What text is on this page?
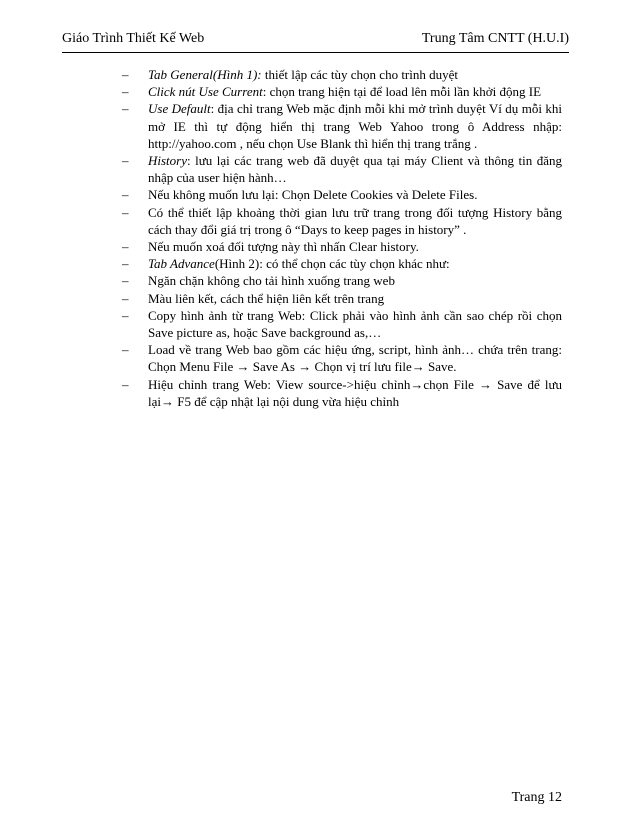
Giáo Trình Thiết Kế Web	Trung Tâm CNTT (H.U.I)
– Tab General(Hình 1): thiết lập các tùy chọn cho trình duyệt
– Click nút Use Current: chọn trang hiện tại để load lên mỗi lần khởi động IE
– Use Default: địa chỉ trang Web mặc định mỗi khi mở trình duyệt Ví dụ mỗi khi mở IE thì tự động hiển thị trang Web Yahoo trong ô Address nhập: http://yahoo.com , nếu chọn Use Blank thì hiển thị trang trắng .
– History: lưu lại các trang web đã duyệt qua tại máy Client và thông tin đăng nhập của user hiện hành…
– Nếu không muốn lưu lại: Chọn Delete Cookies và Delete Files.
– Có thể thiết lập khoảng thời gian lưu trữ trang trong đối tượng History bằng cách thay đổi giá trị trong ô “Days to keep pages in history” .
– Nếu muốn xoá đối tượng này thì nhấn Clear history.
– Tab Advance(Hình 2): có thể chọn các tùy chọn khác như:
– Ngăn chặn không cho tải hình xuống trang web
– Màu liên kết, cách thể hiện liên kết trên trang
– Copy hình ảnh từ trang Web: Click phải vào hình ảnh cần sao chép rồi chọn Save picture as, hoặc Save background as,…
– Load về trang Web bao gồm các hiệu ứng, script, hình ảnh… chứa trên trang: Chọn Menu File → Save As → Chọn vị trí lưu file→ Save.
– Hiệu chỉnh trang Web: View source->hiệu chỉnh→chọn File → Save để lưu lại→ F5 để cập nhật lại nội dung vừa hiệu chỉnh
Trang 12
